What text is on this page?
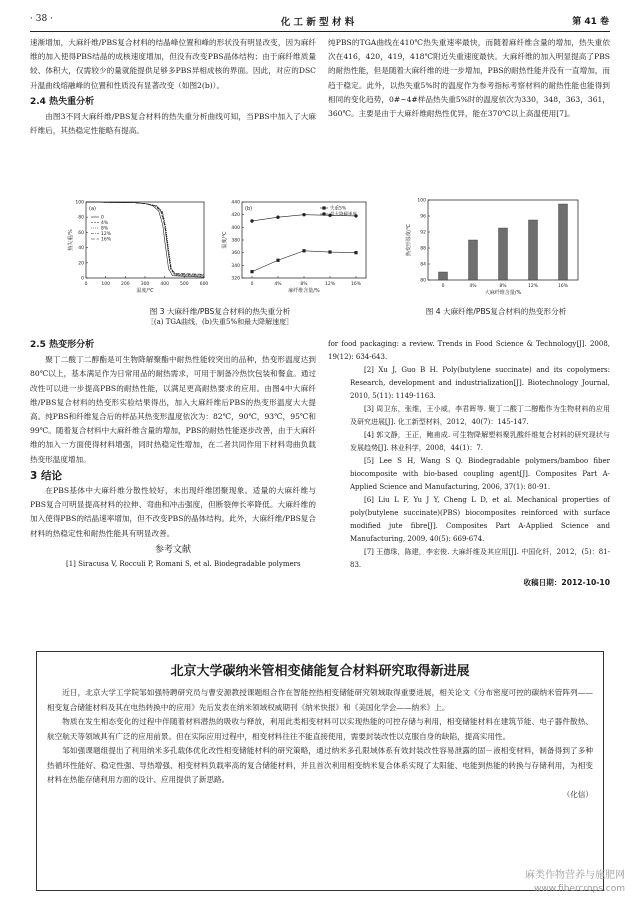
· 38 ·	化 工 新 型 材 料	第 41 卷

速渐增加，大麻纤维/PBS复合材料的结晶峰位置和峰的形状没有明显改变，因为麻纤维的加入使得PBS结晶的成核速度增加，但没有改变PBS晶体结构；由于麻纤维质量较、体积大，仅需较少的量就能提供足够多PBS异相成核的界面。因此，对应的DSC升温曲线熔融峰的位置和性质没有显著改变（如图2(b)）。

2.4 热失重分析

由图3不同大麻纤维/PBS复合材料的热失重分析曲线可知，当PBS中加入了大麻纤维后，其热稳定性能略有提高。

纯PBS的TGA曲线在410℃热失重速率最快，而随着麻纤维含量的增加，热失重依次在416，420，419，418℃附近失重速度最快。大麻纤维的加入明显提高了PBS的耐热性能，但是随着大麻纤维的进一步增加，PBS的耐热性能并没有一直增加，而趋于稳定。此外，以热失重5%时的温度作为参考指标考察材料的耐热性能也能得到相同的变化趋势，0#~4#样品热失重5%时的温度依次为330，348，363，361，360℃。主要是由于大麻纤维耐热性优异，能在370℃以上高温使用[7]。

0	100 200 300 400 500 600
0
20
40
60
80
100
温度/℃
热失重/%
(a)
0
4%
8%
12%
16%
0	4%	8%	12%	16%
320
340
360
380
400
420
440
麻纤维含量/%
温度/℃
(b)	失重5%
最大降解速度
图 3 大麻纤维/PBS复合材料的热失重分析
［(a) TGA曲线，(b)失重5%和最大降解速度］
80
84
88
92
96
100
0	4%	8%	12%	16%
大麻纤维含量/%
热变形温度/℃
图 4 大麻纤维/PBS复合材料的热变形分析
2.5 热变形分析

聚丁二酸丁二醇酯是可生物降解聚酯中耐热性能较突出的品种，热变形温度达到80℃以上，基本满足作为日常用品的耐热需求，可用于制备冷热饮包装和餐盒。通过改性可以进一步提高PBS的耐热性能，以满足更高耐热要求的应用。由图4中大麻纤维/PBS复合材料的热变形实验结果得出，加入大麻纤维后PBS的热变形温度大大提高。纯PBS和纤维复合后的样品其热变形温度依次为：82℃，90℃，93℃，95℃和99℃。随着复合材料中大麻纤维含量的增加，PBS的耐热性能逐步改善，由于大麻纤维的加入一方面使得材料增强，同时热稳定性增加，在二者共同作用下材料弯曲负载热变形温度增加。

3 结论

在PBS基体中大麻纤维分散性较好，未出现纤维团聚现象。适量的大麻纤维与PBS复合可明显提高材料的拉伸、弯曲和冲击强度，但断裂伸长率降低。大麻纤维的加入使得PBS的结晶速率增加，但不改变PBS的晶体结构。此外，大麻纤维/PBS复合材料的热稳定性和耐热性能具有明显改善。

参考文献

[1] Siracusa V, Rocculi P, Romani S, et al. Biodegradable polymers

for food packaging: a review. Trends in Food Science & Technology[J]. 2008, 19(12): 634-643.

[2] Xu J, Guo B H. Poly(butylene succinate) and its copolymers: Research, development and industrialization[J]. Biotechnology Journal, 2010, 5(11): 1149-1163.

[3] 周卫东，张维，王小威，李君晖等. 聚丁二酸丁二醇酯作为生物材料的应用及研究进展[J]. 化工新型材料，2012，40(7)：145-147.

[4] 郭文静，王正，鲍甫成. 可生物降解塑料聚乳酸纤维复合材料的研究现状与发展趋势[J]. 林业科学，2008，44(1)：7.

[5] Lee S H, Wang S Q. Biodegradable polymers/bamboo fiber biocomposite with bio-based coupling agent[J]. Composites Part A-Applied Science and Manufacturing, 2006, 37(1): 80-91.

[6] Liu L F, Yu J Y, Cheng L D, et al. Mechanical properties of poly(butylene succinate)(PBS) biocomposites reinforced with surface modified jute fibre[J]. Composites Part A-Applied Science and Manufacturing, 2009, 40(5): 669-674.

[7] 王德珠，陈建，李宏俊. 大麻纤维及其应用[J]. 中国化纤，2012，(5)：81-83.

收稿日期：2012-10-10
北京大学碳纳米管相变储能复合材料研究取得新进展

近日，北京大学工学院邹如强特聘研究员与曹安源教授课题组合作在智能控热相变储能研究领域取得重要进展，相关论文《分布密度可控的碳纳米管阵列——相变复合储能材料及其在电热转换中的应用》先后发表在纳米领域权威期刊《纳米快报》和《美国化学会——纳米》上。

物质在发生相态变化的过程中伴随着材料潜热的吸收与释放，利用此类相变材料可以实现热能的可控存储与利用，相变储能材料在建筑节能、电子器件散热、航空航天等领域具有广泛的应用前景。但在实际应用过程中，相变材料往往不能直接使用，需要封装改性以克服自身的缺陷，提高实用性。

邹如强课题组提出了利用纳米多孔载体优化改性相变储能材料的研究策略，通过纳米多孔限域体系有效封装改性容易泄露的固－液相变材料，制备得到了多种热循环性能好、稳定性强、导热增强、相变材料负载率高的复合储能材料，并且首次利用相变纳米复合体系实现了太阳能、电能到热能的转换与存储利用，为相变材料在热能存储利用方面的设计、应用提供了新思路。

（化信）
麻类作物营养与施肥网
www.fibercrops.com
